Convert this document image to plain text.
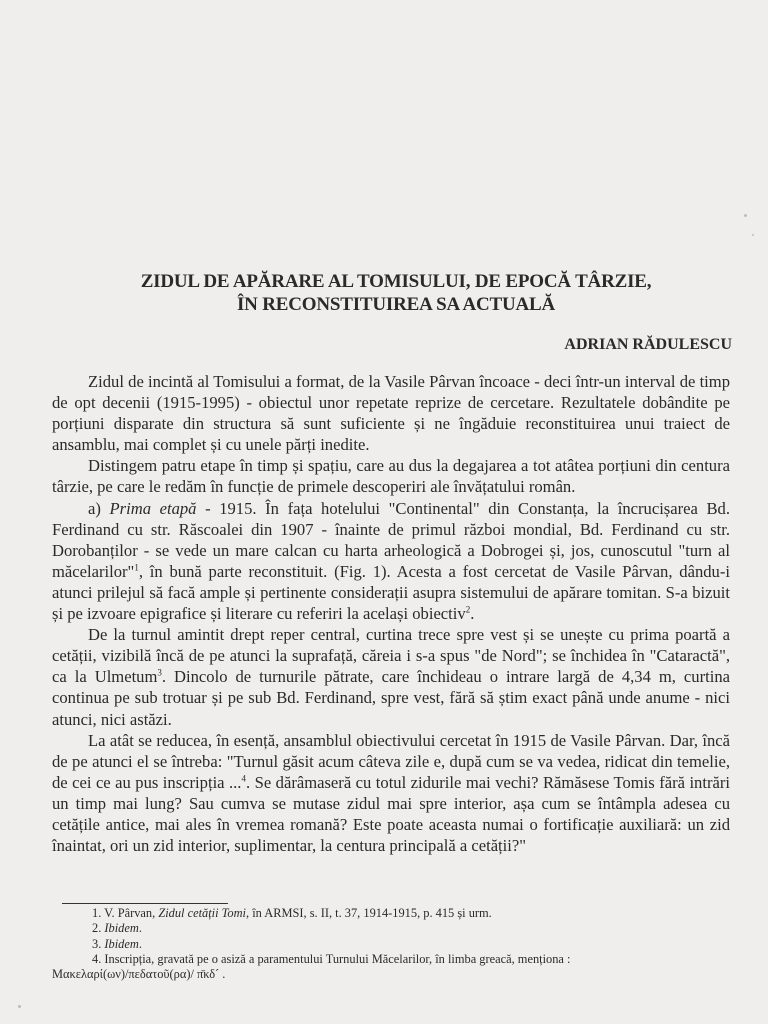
ZIDUL DE APĂRARE AL TOMISULUI, DE EPOCĂ TÂRZIE,
ÎN RECONSTITUIREA SA ACTUALĂ
ADRIAN RĂDULESCU

Zidul de incintă al Tomisului a format, de la Vasile Pârvan încoace - deci într-un interval de timp de opt decenii (1915-1995) - obiectul unor repetate reprize de cercetare. Rezultatele dobândite pe porțiuni disparate din structura să sunt suficiente și ne îngăduie reconstituirea unui traiect de ansamblu, mai complet și cu unele părți inedite.

Distingem patru etape în timp și spațiu, care au dus la degajarea a tot atâtea porțiuni din centura târzie, pe care le redăm în funcție de primele descoperiri ale învățatului român.

a) Prima etapă - 1915. În fața hotelului "Continental" din Constanța, la încrucișarea Bd. Ferdinand cu str. Răscoalei din 1907 - înainte de primul război mondial, Bd. Ferdinand cu str. Dorobanților - se vede un mare calcan cu harta arheologică a Dobrogei și, jos, cunoscutul "turn al măcelarilor"$^1$, în bună parte reconstituit. (Fig. 1). Acesta a fost cercetat de Vasile Pârvan, dându-i atunci prilejul să facă ample și pertinente considerații asupra sistemului de apărare tomitan. S-a bizuit și pe izvoare epigrafice și literare cu referiri la același obiectiv$^2$.

De la turnul amintit drept reper central, curtina trece spre vest și se unește cu prima poartă a cetății, vizibilă încă de pe atunci la suprafață, căreia i s-a spus "de Nord"; se închidea în "Cataractă", ca la Ulmetum$^3$. Dincolo de turnurile pătrate, care închideau o intrare largă de 4,34 m, curtina continua pe sub trotuar și pe sub Bd. Ferdinand, spre vest, fără să știm exact până unde anume - nici atunci, nici astăzi.

La atât se reducea, în esență, ansamblul obiectivului cercetat în 1915 de Vasile Pârvan. Dar, încă de pe atunci el se întreba: "Turnul găsit acum câteva zile e, după cum se va vedea, ridicat din temelie, de cei ce au pus inscripția ...$^4$. Se dărâmaseră cu totul zidurile mai vechi? Rămăsese Tomis fără intrări un timp mai lung? Sau cumva se mutase zidul mai spre interior, așa cum se întâmpla adesea cu cetățile antice, mai ales în vremea romană? Este poate aceasta numai o fortificație auxiliară: un zid înaintat, ori un zid interior, suplimentar, la centura principală a cetății?"

1. V. Pârvan, Zidul cetății Tomi, în ARMSI, s. II, t. 37, 1914-1915, p. 415 și urm.

2. Ibidem.

3. Ibidem.

4. Inscripția, gravată pe o asiză a paramentului Turnului Măcelarilor, în limba greacă, menționa :

Μακελαρί(ων)/πεδατοῦ(ρα)/ π̄κδ´ .
